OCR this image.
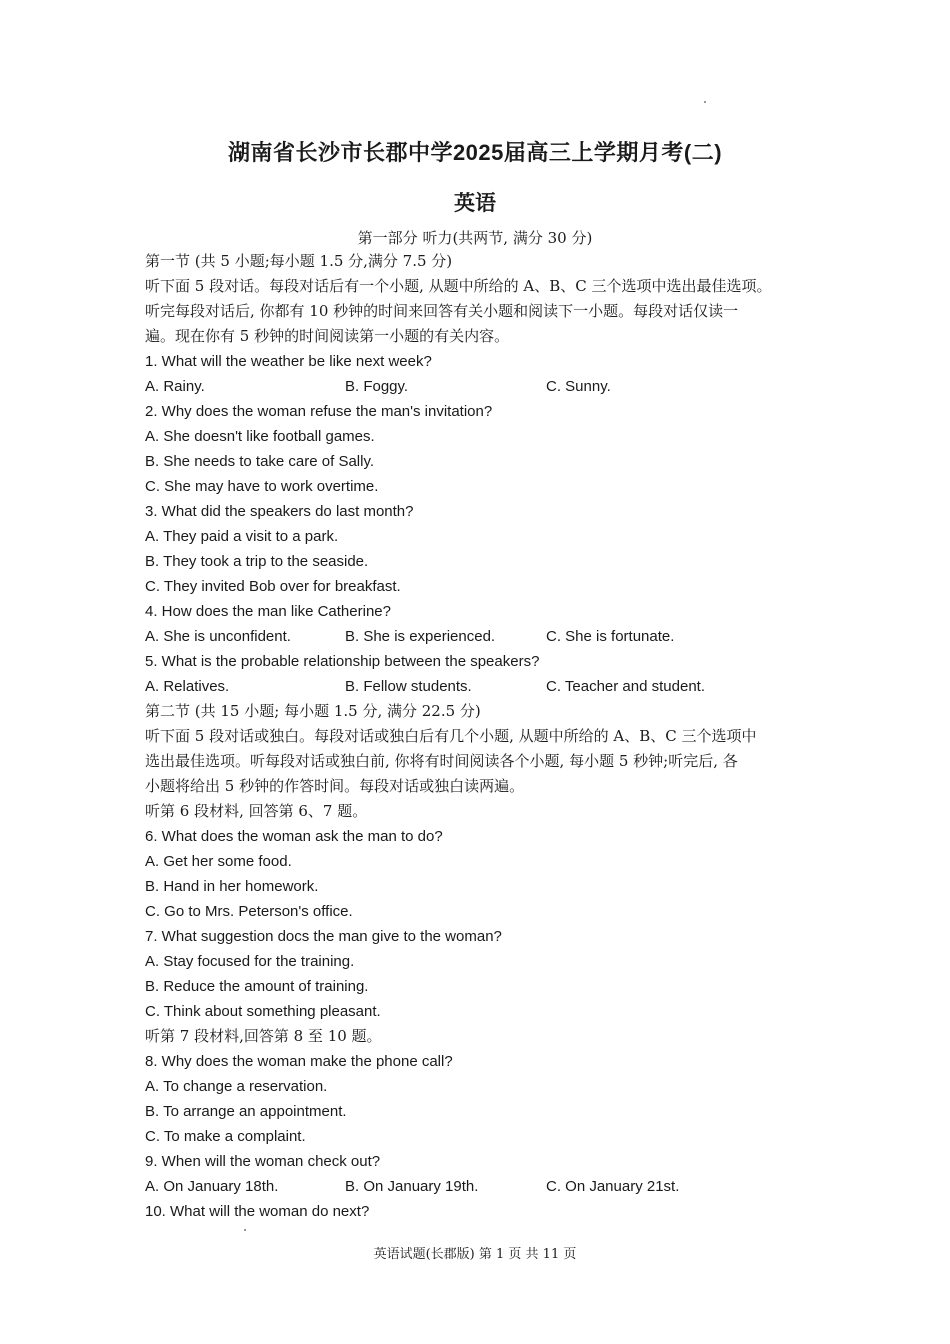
湖南省长沙市长郡中学2025届高三上学期月考(二)
英语
第一部分 听力(共两节, 满分 30 分)
第一节 (共 5 小题;每小题 1.5 分,满分 7.5 分)
听下面 5 段对话。每段对话后有一个小题, 从题中所给的 A、B、C 三个选项中选出最佳选项。
听完每段对话后, 你都有 10 秒钟的时间来回答有关小题和阅读下一小题。每段对话仅读一
遍。现在你有 5 秒钟的时间阅读第一小题的有关内容。
1. What will the weather be like next week?
A. Rainy.	B. Foggy.	C. Sunny.
2. Why does the woman refuse the man's invitation?
A. She doesn't like football games.
B. She needs to take care of Sally.
C. She may have to work overtime.
3. What did the speakers do last month?
A. They paid a visit to a park.
B. They took a trip to the seaside.
C. They invited Bob over for breakfast.
4. How does the man like Catherine?
A. She is unconfident.	B. She is experienced.	C. She is fortunate.
5. What is the probable relationship between the speakers?
A. Relatives.	B. Fellow students.	C. Teacher and student.
第二节 (共 15 小题; 每小题 1.5 分, 满分 22.5 分)
听下面 5 段对话或独白。每段对话或独白后有几个小题, 从题中所给的 A、B、C 三个选项中
选出最佳选项。听每段对话或独白前, 你将有时间阅读各个小题, 每小题 5 秒钟;听完后, 各
小题将给出 5 秒钟的作答时间。每段对话或独白读两遍。
听第 6 段材料, 回答第 6、7 题。
6. What does the woman ask the man to do?
A. Get her some food.
B. Hand in her homework.
C. Go to Mrs. Peterson's office.
7. What suggestion docs the man give to the woman?
A. Stay focused for the training.
B. Reduce the amount of training.
C. Think about something pleasant.
听第 7 段材料,回答第 8 至 10 题。
8. Why does the woman make the phone call?
A. To change a reservation.
B. To arrange an appointment.
C. To make a complaint.
9. When will the woman check out?
A. On January 18th.	B. On January 19th.	C. On January 21st.
10. What will the woman do next?
英语试题(长郡版) 第 1 页 共 11 页
